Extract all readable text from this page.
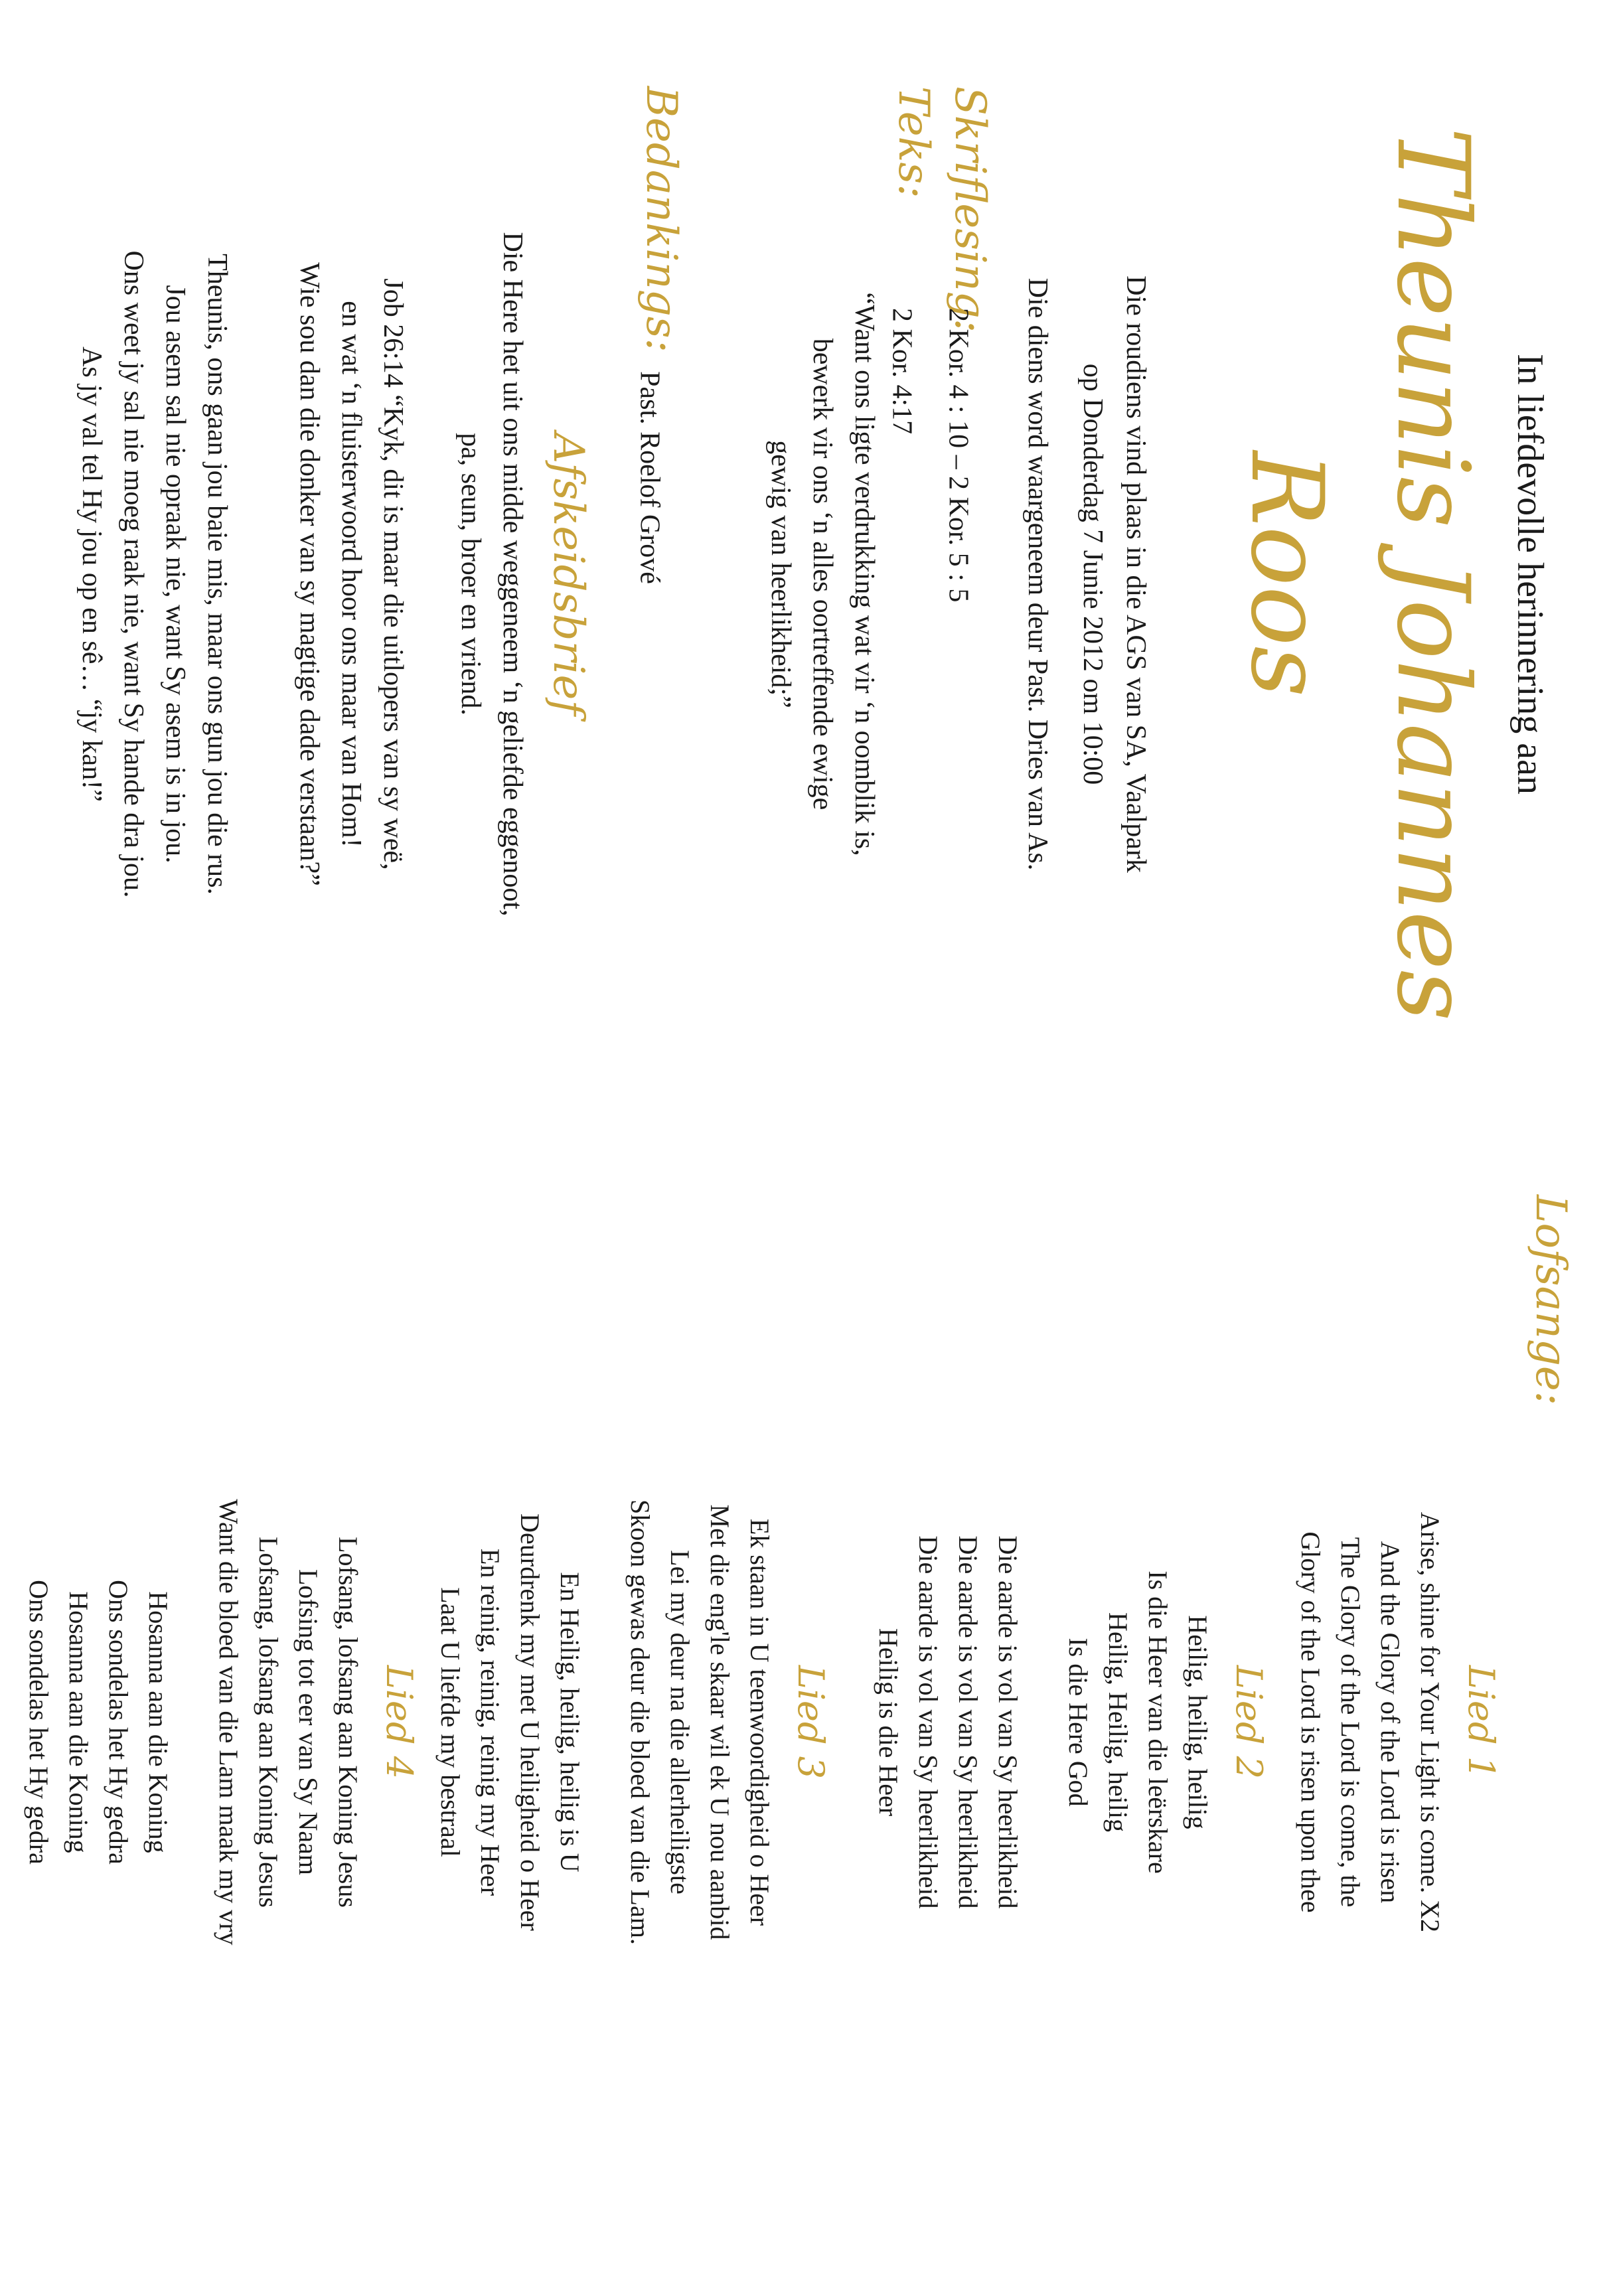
In liefdevolle herinnering aan
Theunis Johannes
Roos

Die roudiens vind plaas in die AGS van SA, Vaalpark
op Donderdag 7 Junie 2012 om 10:00

Die diens word waargeneem deur Past. Dries van As.

Skriflesing: 2 Kor. 4 : 10 – 2 Kor. 5 : 5
Teks: 2 Kor. 4:17
“Want ons ligte verdrukking wat vir ‘n oomblik is,
bewerk vir ons ‘n alles oortreffende ewige
gewig van heerlikheid;”
Bedankings: Past. Roelof Grové
Afskeidsbrief
Die Here het uit ons midde weggeneem ‘n geliefde eggenoot,
pa, seun, broer en vriend.
Job 26:14 “Kyk, dit is maar die uitlopers van sy weë,
en wat ‘n fluisterwoord hoor ons maar van Hom!
Wie sou dan die donker van sy magtige dade verstaan?”
Theunis, ons gaan jou baie mis, maar ons gun jou die rus.
Jou asem sal nie opraak nie, want Sy asem is in jou.
Ons weet jy sal nie moeg raak nie, want Sy hande dra jou.
As jy val tel Hy jou op en sê… “jy kan!”
Lofsange:
Lied 1

Arise, shine for Your Light is come. X2
And the Glory of the Lord is risen
The Glory of the Lord is come, the
Glory of the Lord is risen upon thee

Lied 2

Heilig, heilig, heilig
Is die Heer van die leërskare
Heilig, Heilig, heilig
Is die Here God

Die aarde is vol van Sy heerlikheid
Die aarde is vol van Sy heerlikheid
Die aarde is vol van Sy heerlikheid
Heilig is die Heer

Lied 3

Ek staan in U teenwoordigheid o Heer
Met die eng'le skaar wil ek U nou aanbid
Lei my deur na die allerheiligste
Skoon gewas deur die bloed van die Lam.

En Heilig, heilig, heilig is U
Deurdrenk my met U heiligheid o Heer
En reinig, reinig, reinig my Heer
Laat U liefde my bestraal

Lied 4

Lofsang, lofsang aan Koning Jesus
Lofsing tot eer van Sy Naam
Lofsang, lofsang aan Koning Jesus
Want die bloed van die Lam maak my vry

Hosanna aan die Koning
Ons sondelas het Hy gedra
Hosanna aan die Koning
Ons sondelas het Hy gedra
